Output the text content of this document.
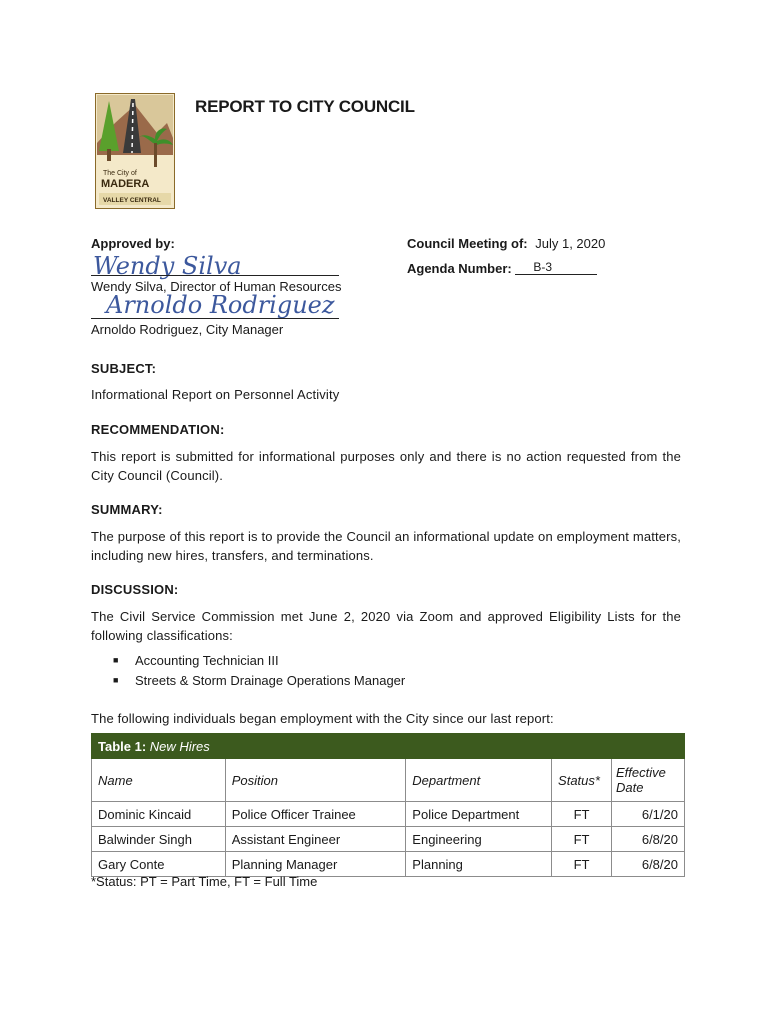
The City of
MADERA
VALLEY CENTRAL
REPORT TO CITY COUNCIL
Approved by:
Wendy Silva
Wendy Silva, Director of Human Resources
Arnoldo Rodriguez
Arnoldo Rodriguez, City Manager
Council Meeting of: July 1, 2020
Agenda Number: B-3
SUBJECT:
Informational Report on Personnel Activity
RECOMMENDATION:
This report is submitted for informational purposes only and there is no action requested from the City Council (Council).
SUMMARY:
The purpose of this report is to provide the Council an informational update on employment matters, including new hires, transfers, and terminations.
DISCUSSION:
The Civil Service Commission met June 2, 2020 via Zoom and approved Eligibility Lists for the following classifications:
■ Accounting Technician III
■ Streets & Storm Drainage Operations Manager
The following individuals began employment with the City since our last report:
Table 1: New Hires				
Name	Position	Department	Status*	Effective Date
Dominic Kincaid	Police Officer Trainee	Police Department	FT	6/1/20
Balwinder Singh	Assistant Engineer	Engineering	FT	6/8/20
Gary Conte	Planning Manager	Planning	FT	6/8/20
*Status: PT = Part Time, FT = Full Time
